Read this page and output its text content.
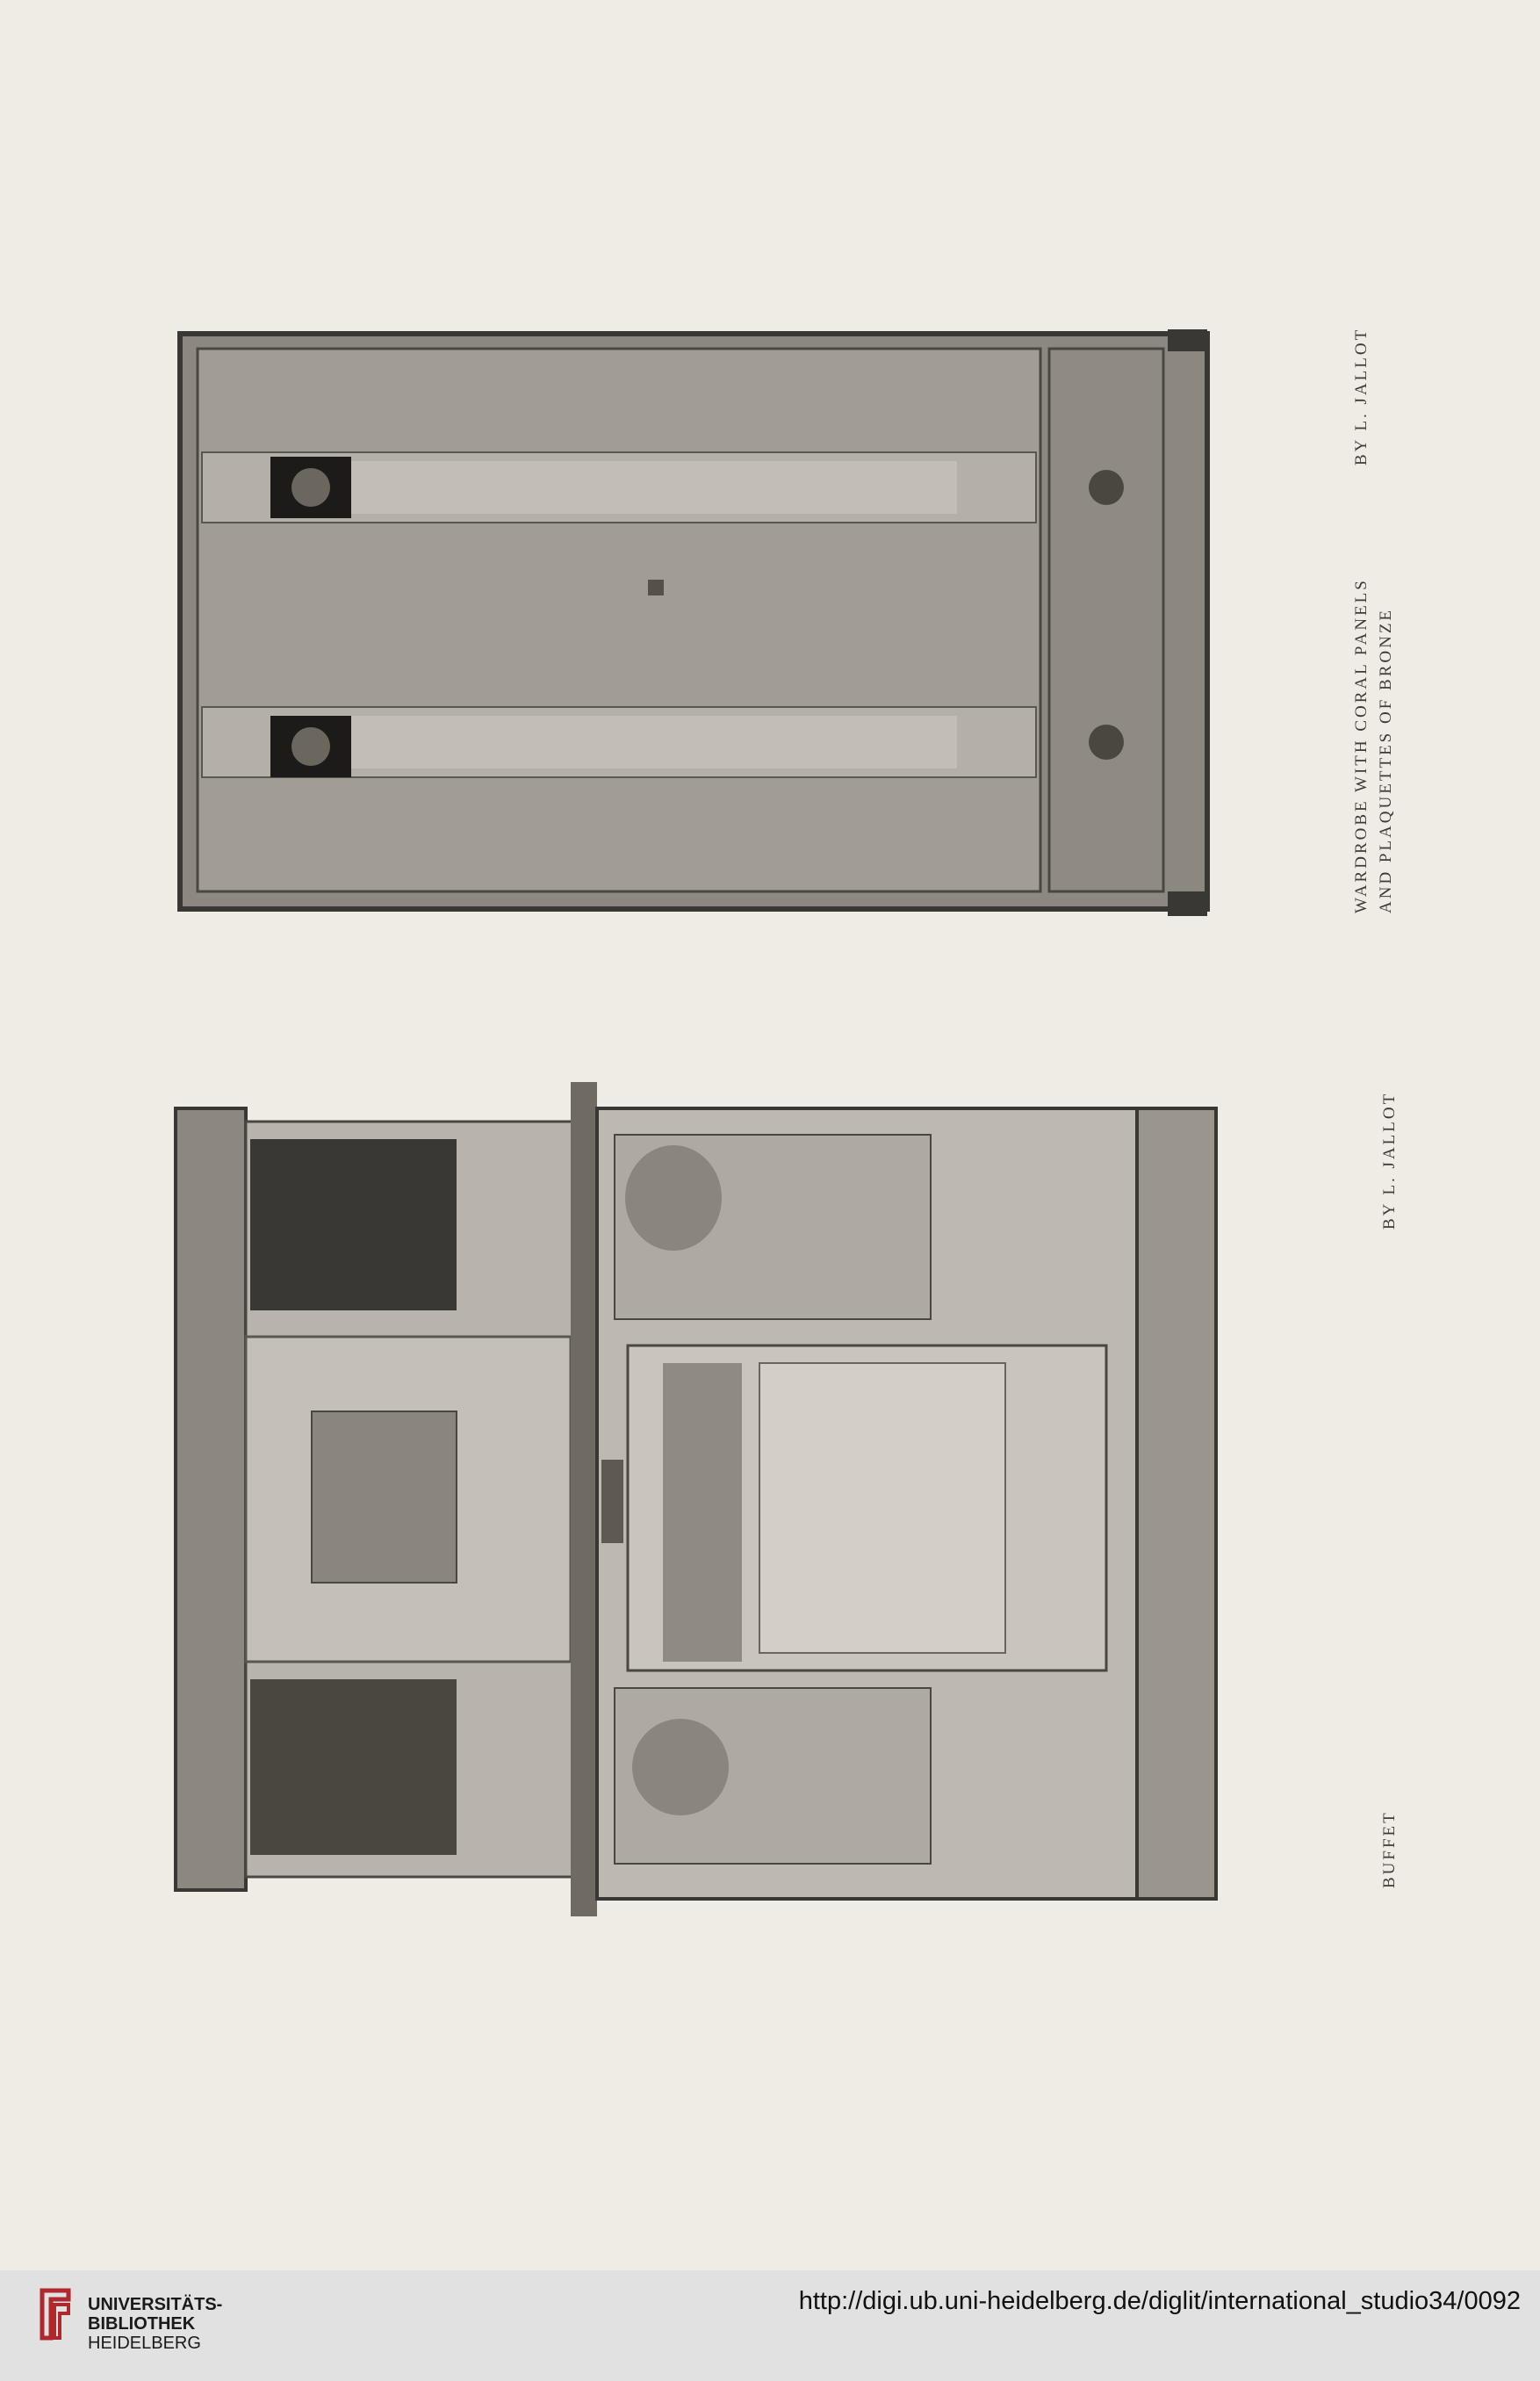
WARDROBE WITH CORAL PANELS AND PLAQUETTES OF BRONZE
BY L. JALLOT
BUFFET
BY L. JALLOT
UNIVERSITÄTS-
BIBLIOTHEK
HEIDELBERG
http://digi.ub.uni-heidelberg.de/diglit/international_studio34/0092
